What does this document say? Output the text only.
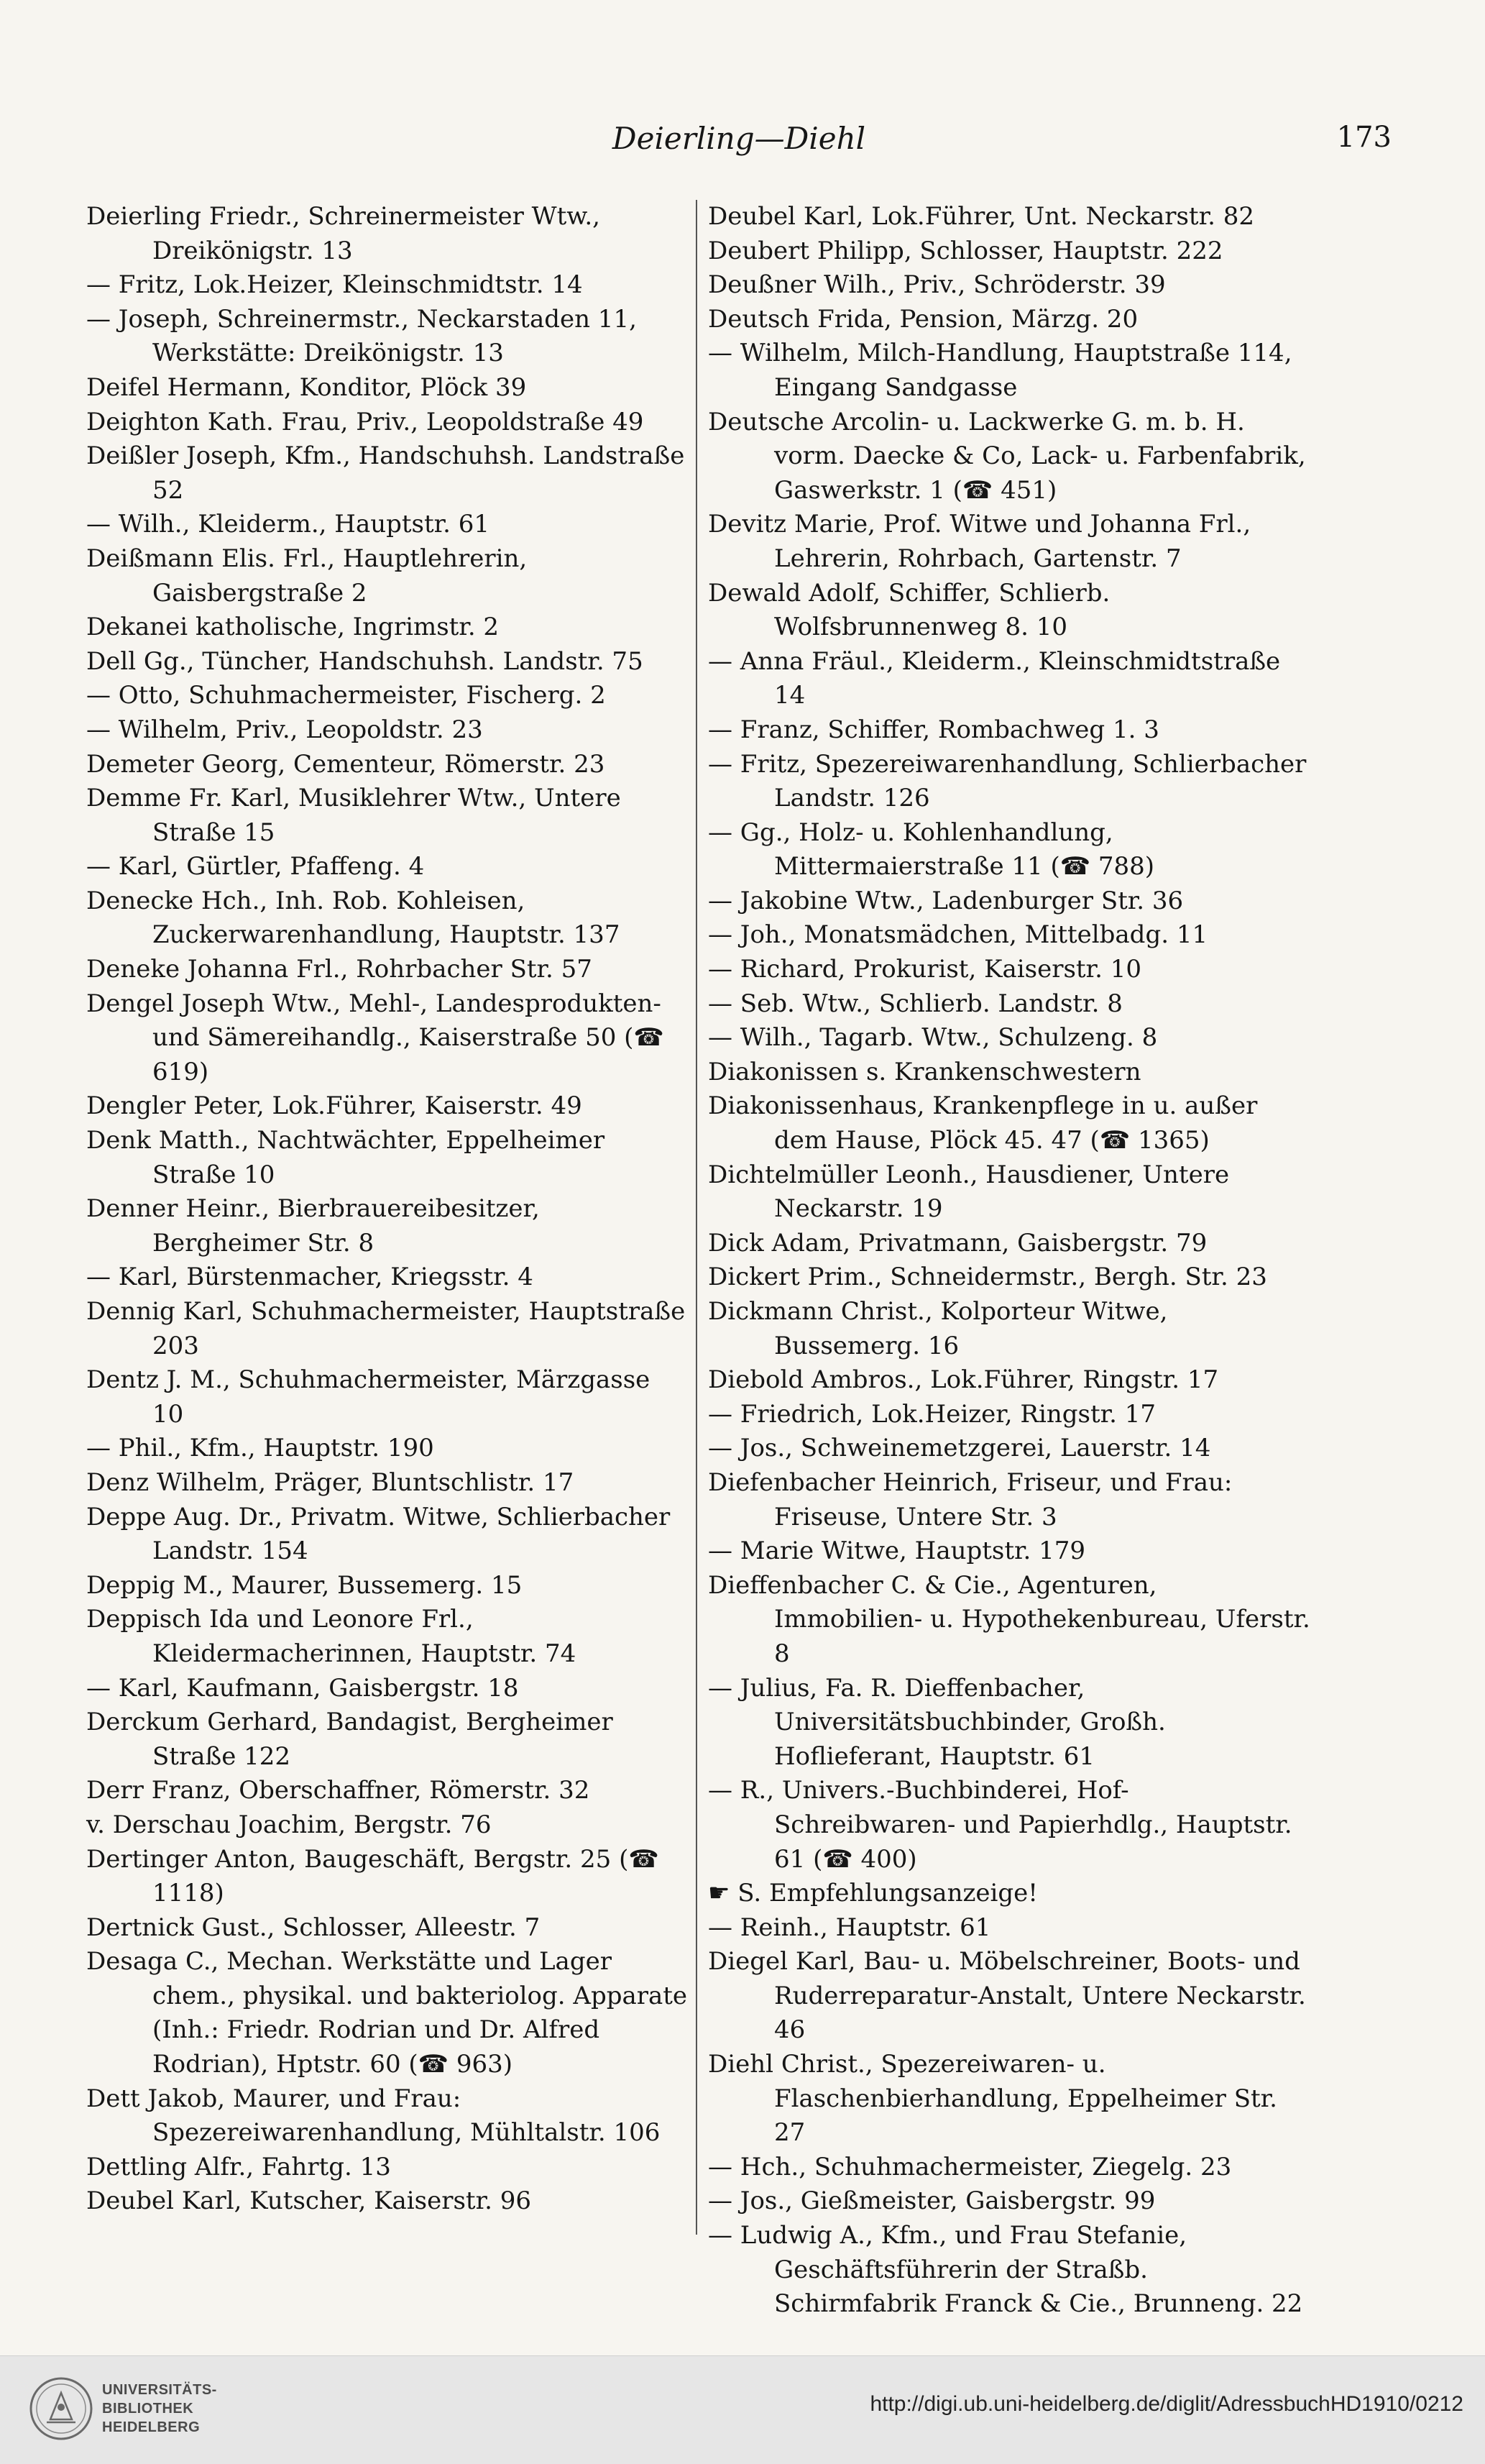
Deierling—Diehl	173

Deierling Friedr., Schreinermeister Wtw., Dreikönigstr. 13

— Fritz, Lok.Heizer, Kleinschmidtstr. 14

— Joseph, Schreinermstr., Neckarstaden 11, Werkstätte: Dreikönigstr. 13

Deifel Hermann, Konditor, Plöck 39

Deighton Kath. Frau, Priv., Leopoldstraße 49

Deißler Joseph, Kfm., Handschuhsh. Landstraße 52

— Wilh., Kleiderm., Hauptstr. 61

Deißmann Elis. Frl., Hauptlehrerin, Gaisbergstraße 2

Dekanei katholische, Ingrimstr. 2

Dell Gg., Tüncher, Handschuhsh. Landstr. 75

— Otto, Schuhmachermeister, Fischerg. 2

— Wilhelm, Priv., Leopoldstr. 23

Demeter Georg, Cementeur, Römerstr. 23

Demme Fr. Karl, Musiklehrer Wtw., Untere Straße 15

— Karl, Gürtler, Pfaffeng. 4

Denecke Hch., Inh. Rob. Kohleisen, Zuckerwarenhandlung, Hauptstr. 137

Deneke Johanna Frl., Rohrbacher Str. 57

Dengel Joseph Wtw., Mehl-, Landesprodukten- und Sämereihandlg., Kaiserstraße 50 (☎ 619)

Dengler Peter, Lok.Führer, Kaiserstr. 49

Denk Matth., Nachtwächter, Eppelheimer Straße 10

Denner Heinr., Bierbrauereibesitzer, Bergheimer Str. 8

— Karl, Bürstenmacher, Kriegsstr. 4

Dennig Karl, Schuhmachermeister, Hauptstraße 203

Dentz J. M., Schuhmachermeister, Märzgasse 10

— Phil., Kfm., Hauptstr. 190

Denz Wilhelm, Präger, Bluntschlistr. 17

Deppe Aug. Dr., Privatm. Witwe, Schlierbacher Landstr. 154

Deppig M., Maurer, Bussemerg. 15

Deppisch Ida und Leonore Frl., Kleidermacherinnen, Hauptstr. 74

— Karl, Kaufmann, Gaisbergstr. 18

Derckum Gerhard, Bandagist, Bergheimer Straße 122

Derr Franz, Oberschaffner, Römerstr. 32

v. Derschau Joachim, Bergstr. 76

Dertinger Anton, Baugeschäft, Bergstr. 25 (☎ 1118)

Dertnick Gust., Schlosser, Alleestr. 7

Desaga C., Mechan. Werkstätte und Lager chem., physikal. und bakteriolog. Apparate (Inh.: Friedr. Rodrian und Dr. Alfred Rodrian), Hptstr. 60 (☎ 963)

Dett Jakob, Maurer, und Frau: Spezereiwarenhandlung, Mühltalstr. 106

Dettling Alfr., Fahrtg. 13

Deubel Karl, Kutscher, Kaiserstr. 96

Deubel Karl, Lok.Führer, Unt. Neckarstr. 82

Deubert Philipp, Schlosser, Hauptstr. 222

Deußner Wilh., Priv., Schröderstr. 39

Deutsch Frida, Pension, Märzg. 20

— Wilhelm, Milch-Handlung, Hauptstraße 114, Eingang Sandgasse

Deutsche Arcolin- u. Lackwerke G. m. b. H. vorm. Daecke & Co, Lack- u. Farbenfabrik, Gaswerkstr. 1 (☎ 451)

Devitz Marie, Prof. Witwe und Johanna Frl., Lehrerin, Rohrbach, Gartenstr. 7

Dewald Adolf, Schiffer, Schlierb. Wolfsbrunnenweg 8. 10

— Anna Fräul., Kleiderm., Kleinschmidtstraße 14

— Franz, Schiffer, Rombachweg 1. 3

— Fritz, Spezereiwarenhandlung, Schlierbacher Landstr. 126

— Gg., Holz- u. Kohlenhandlung, Mittermaierstraße 11 (☎ 788)

— Jakobine Wtw., Ladenburger Str. 36

— Joh., Monatsmädchen, Mittelbadg. 11

— Richard, Prokurist, Kaiserstr. 10

— Seb. Wtw., Schlierb. Landstr. 8

— Wilh., Tagarb. Wtw., Schulzeng. 8

Diakonissen s. Krankenschwestern

Diakonissenhaus, Krankenpflege in u. außer dem Hause, Plöck 45. 47 (☎ 1365)

Dichtelmüller Leonh., Hausdiener, Untere Neckarstr. 19

Dick Adam, Privatmann, Gaisbergstr. 79

Dickert Prim., Schneidermstr., Bergh. Str. 23

Dickmann Christ., Kolporteur Witwe, Bussemerg. 16

Diebold Ambros., Lok.Führer, Ringstr. 17

— Friedrich, Lok.Heizer, Ringstr. 17

— Jos., Schweinemetzgerei, Lauerstr. 14

Diefenbacher Heinrich, Friseur, und Frau: Friseuse, Untere Str. 3

— Marie Witwe, Hauptstr. 179

Dieffenbacher C. & Cie., Agenturen, Immobilien- u. Hypothekenbureau, Uferstr. 8

— Julius, Fa. R. Dieffenbacher, Universitätsbuchbinder, Großh. Hoflieferant, Hauptstr. 61

— R., Univers.-Buchbinderei, Hof-Schreibwaren- und Papierhdlg., Hauptstr. 61 (☎ 400)

☛ S. Empfehlungsanzeige!

— Reinh., Hauptstr. 61

Diegel Karl, Bau- u. Möbelschreiner, Boots- und Ruderreparatur-Anstalt, Untere Neckarstr. 46

Diehl Christ., Spezereiwaren- u. Flaschenbierhandlung, Eppelheimer Str. 27

— Hch., Schuhmachermeister, Ziegelg. 23

— Jos., Gießmeister, Gaisbergstr. 99

— Ludwig A., Kfm., und Frau Stefanie, Geschäftsführerin der Straßb. Schirmfabrik Franck & Cie., Brunneng. 22

UNIVERSITÄTS-
BIBLIOTHEK
HEIDELBERG
http://digi.ub.uni-heidelberg.de/diglit/AdressbuchHD1910/0212
